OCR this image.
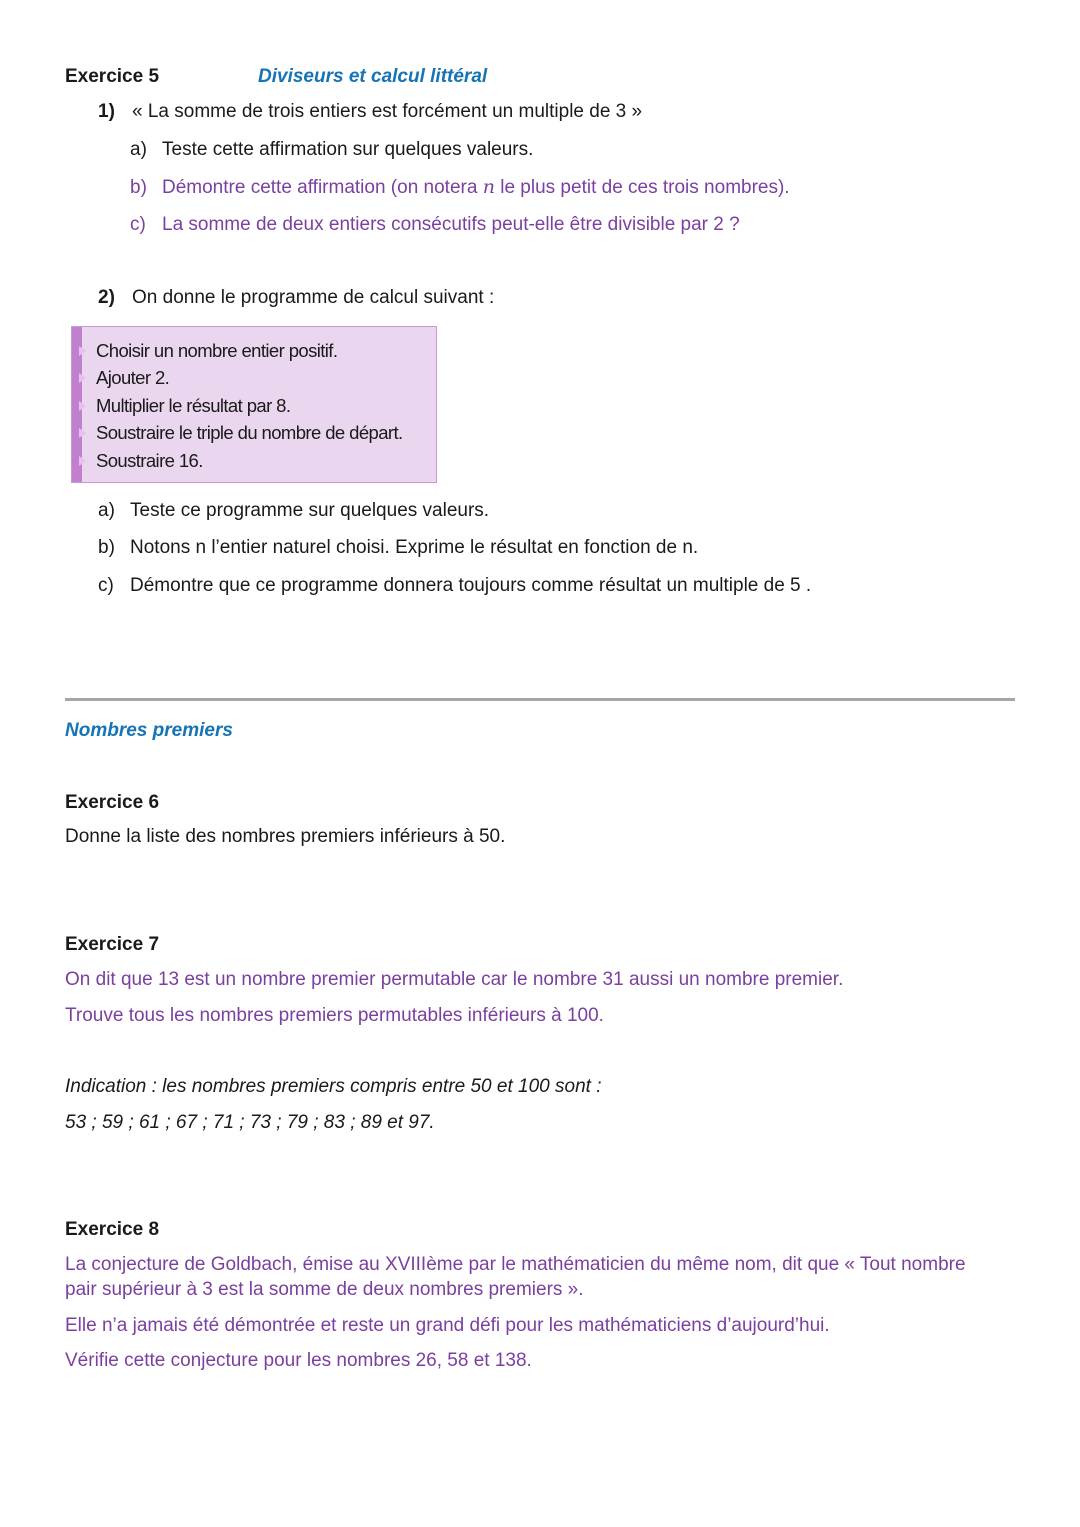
Exercice 5	Diviseurs et calcul littéral
1) « La somme de trois entiers est forcément un multiple de 3 »
a) Teste cette affirmation sur quelques valeurs.
b) Démontre cette affirmation (on notera n le plus petit de ces trois nombres).
c) La somme de deux entiers consécutifs peut-elle être divisible par 2 ?
2) On donne le programme de calcul suivant :
Choisir un nombre entier positif.
Ajouter 2.
Multiplier le résultat par 8.
Soustraire le triple du nombre de départ.
Soustraire 16.
a) Teste ce programme sur quelques valeurs.
b) Notons n l’entier naturel choisi. Exprime le résultat en fonction de n.
c) Démontre que ce programme donnera toujours comme résultat un multiple de 5 .
Nombres premiers
Exercice 6
Donne la liste des nombres premiers inférieurs à 50.
Exercice 7
On dit que 13 est un nombre premier permutable car le nombre 31 aussi un nombre premier.
Trouve tous les nombres premiers permutables inférieurs à 100.
Indication : les nombres premiers compris entre 50 et 100 sont :
53 ; 59 ; 61 ; 67 ; 71 ; 73 ; 79 ; 83 ; 89 et 97.
Exercice 8
La conjecture de Goldbach, émise au XVIIIème par le mathématicien du même nom, dit que « Tout nombre
pair supérieur à 3 est la somme de deux nombres premiers ».
Elle n’a jamais été démontrée et reste un grand défi pour les mathématiciens d’aujourd’hui.
Vérifie cette conjecture pour les nombres 26, 58 et 138.
